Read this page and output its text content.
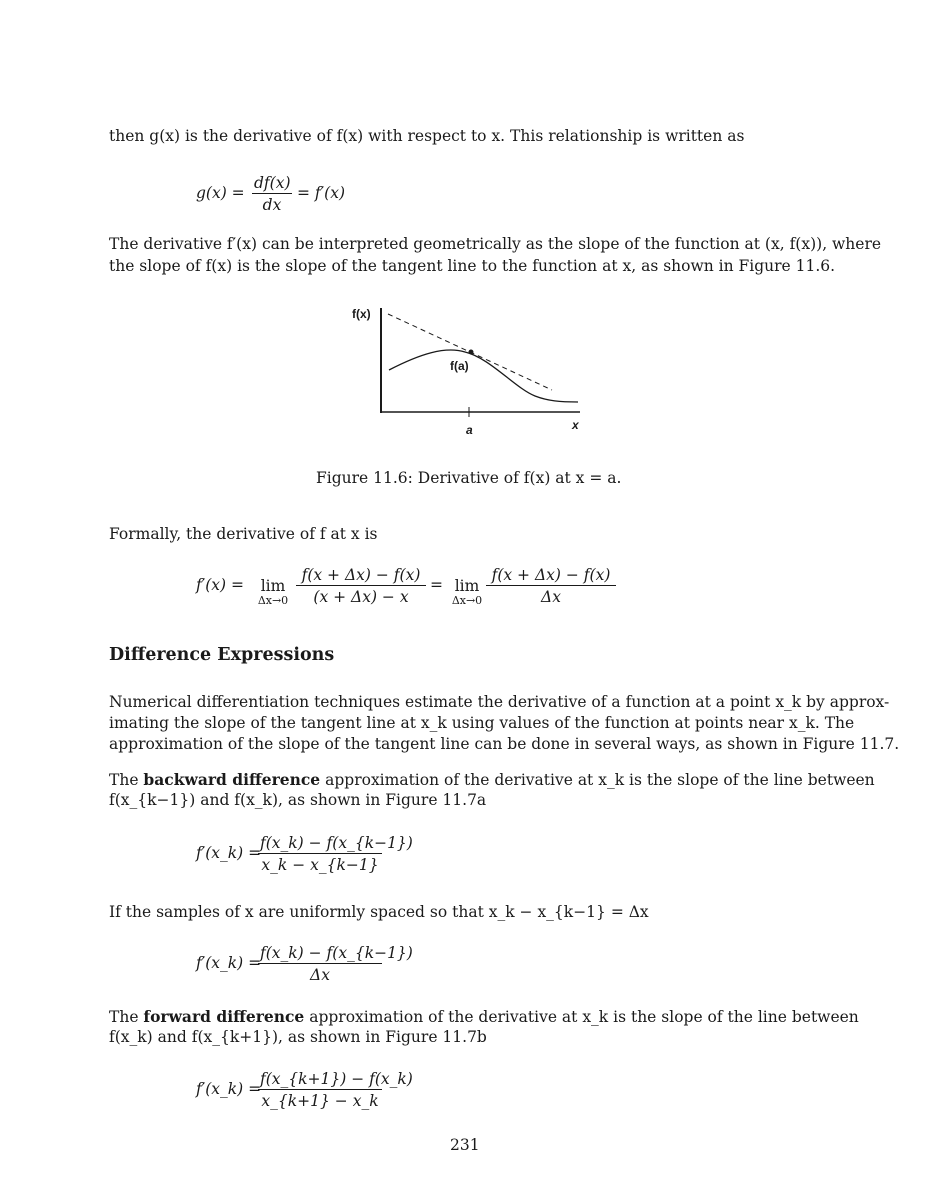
then g(x) is the derivative of f(x) with respect to x. This relationship is written as
g(x) =
df(x)
dx
= f′(x)
The derivative f′(x) can be interpreted geometrically as the slope of the function at (x, f(x)), where
the slope of f(x) is the slope of the tangent line to the function at x, as shown in Figure 11.6.
f(x)
f(a)
a	x
Figure 11.6: Derivative of f(x) at x = a.
Formally, the derivative of f at x is
f′(x) =	lim
Δx→0
f(x + Δx) − f(x)
(x + Δx) − x
= lim
Δx→0
f(x + Δx) − f(x)
Δx
Difference Expressions
Numerical differentiation techniques estimate the derivative of a function at a point x_k by approx-
imating the slope of the tangent line at x_k using values of the function at points near x_k. The
approximation of the slope of the tangent line can be done in several ways, as shown in Figure 11.7.
The backward difference approximation of the derivative at x_k is the slope of the line between
f(x_{k−1}) and f(x_k), as shown in Figure 11.7a
f′(x_k) =
f(x_k) − f(x_{k−1})
x_k − x_{k−1}
If the samples of x are uniformly spaced so that x_k − x_{k−1} = Δx
f′(x_k) =
f(x_k) − f(x_{k−1})
Δx
The forward difference approximation of the derivative at x_k is the slope of the line between
f(x_k) and f(x_{k+1}), as shown in Figure 11.7b
f′(x_k) =
f(x_{k+1}) − f(x_k)
x_{k+1} − x_k
231
